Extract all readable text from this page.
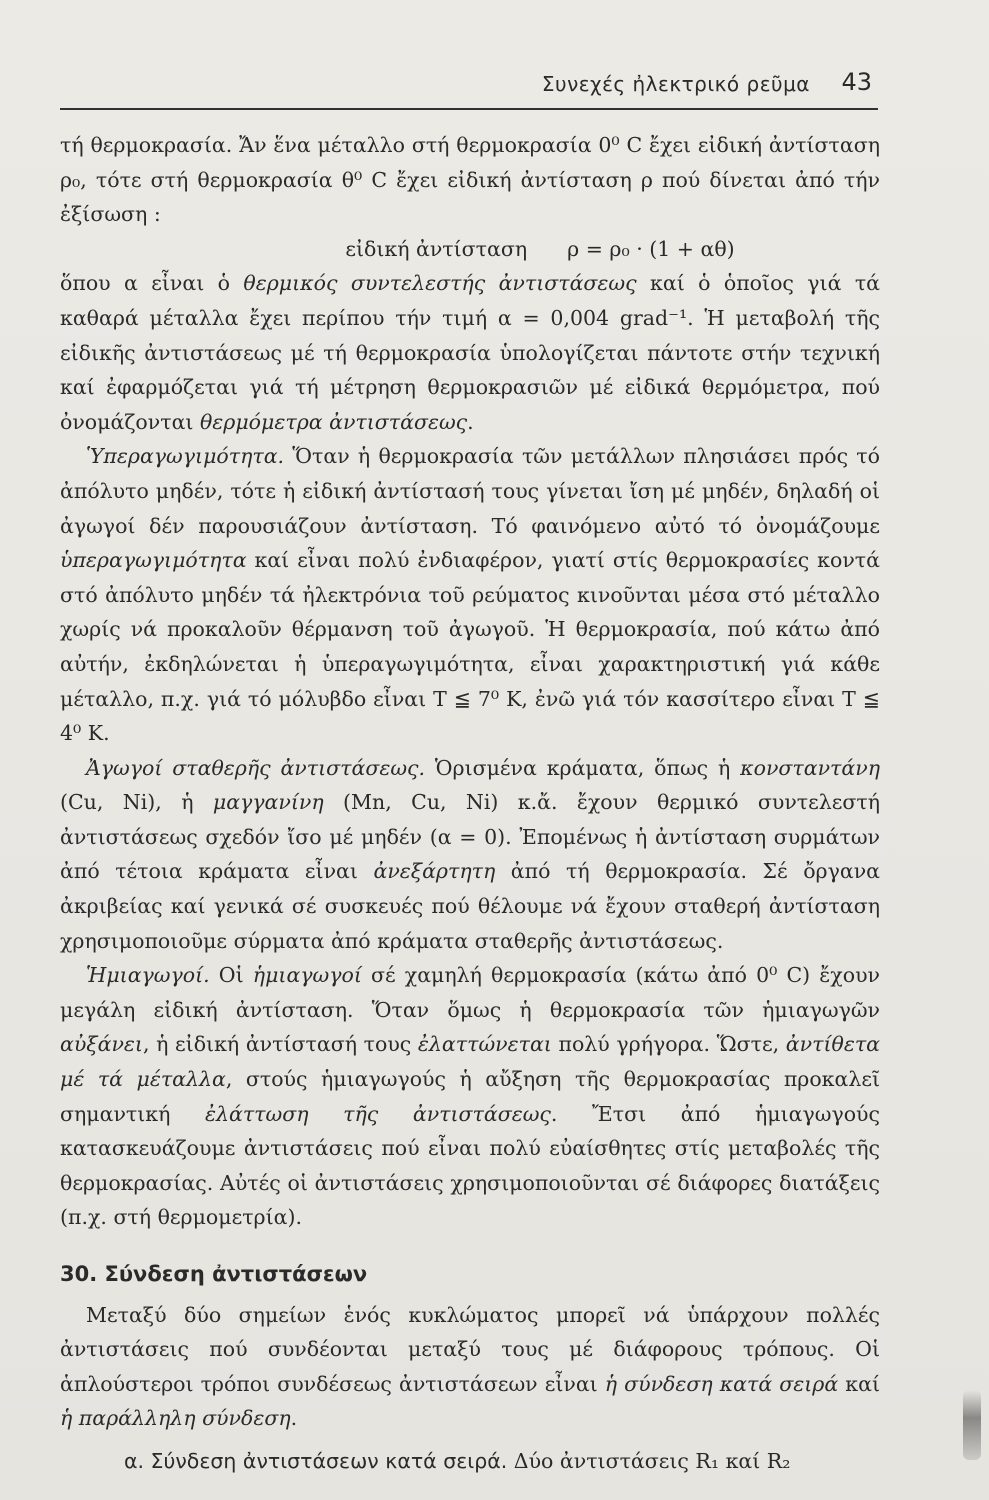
Συνεχές ἠλεκτρικό ρεῦμα 43

τή θερμοκρασία. Ἄν ἕνα μέταλλο στή θερμοκρασία 0⁰ C ἔχει εἰδική ἀντίσταση ρ₀, τότε στή θερμοκρασία θ⁰ C ἔχει εἰδική ἀντίσταση ρ πού δίνεται ἀπό τήν ἐξίσωση :

εἰδική ἀντίσταση ρ = ρ₀ · (1 + αθ)

ὅπου α εἶναι ὁ θερμικός συντελεστής ἀντιστάσεως καί ὁ ὁποῖος γιά τά καθαρά μέταλλα ἔχει περίπου τήν τιμή α = 0,004 grad⁻¹. Ἡ μεταβολή τῆς εἰδικῆς ἀντιστάσεως μέ τή θερμοκρασία ὑπολογίζεται πάντοτε στήν τεχνική καί ἐφαρμόζεται γιά τή μέτρηση θερμοκρασιῶν μέ εἰδικά θερμόμετρα, πού ὀνομάζονται θερμόμετρα ἀντιστάσεως.

Ὑπεραγωγιμότητα. Ὅταν ἡ θερμοκρασία τῶν μετάλλων πλησιάσει πρός τό ἀπόλυτο μηδέν, τότε ἡ εἰδική ἀντίστασή τους γίνεται ἴση μέ μηδέν, δηλαδή οἱ ἀγωγοί δέν παρουσιάζουν ἀντίσταση. Τό φαινόμενο αὐτό τό ὀνομάζουμε ὑπεραγωγιμότητα καί εἶναι πολύ ἐνδιαφέρον, γιατί στίς θερμοκρασίες κοντά στό ἀπόλυτο μηδέν τά ἠλεκτρόνια τοῦ ρεύματος κινοῦνται μέσα στό μέταλλο χωρίς νά προκαλοῦν θέρμανση τοῦ ἀγωγοῦ. Ἡ θερμοκρασία, πού κάτω ἀπό αὐτήν, ἐκδηλώνεται ἡ ὑπεραγωγιμότητα, εἶναι χαρακτηριστική γιά κάθε μέταλλο, π.χ. γιά τό μόλυβδο εἶναι T ≦ 7⁰ K, ἐνῶ γιά τόν κασσίτερο εἶναι T ≦ 4⁰ K.

Ἀγωγοί σταθερῆς ἀντιστάσεως. Ὁρισμένα κράματα, ὅπως ἡ κονσταντάνη (Cu, Ni), ἡ μαγγανίνη (Mn, Cu, Ni) κ.ἄ. ἔχουν θερμικό συντελεστή ἀντιστάσεως σχεδόν ἴσο μέ μηδέν (α = 0). Ἐπομένως ἡ ἀντίσταση συρμάτων ἀπό τέτοια κράματα εἶναι ἀνεξάρτητη ἀπό τή θερμοκρασία. Σέ ὄργανα ἀκριβείας καί γενικά σέ συσκευές πού θέλουμε νά ἔχουν σταθερή ἀντίσταση χρησιμοποιοῦμε σύρματα ἀπό κράματα σταθερῆς ἀντιστάσεως.

Ἡμιαγωγοί. Οἱ ἡμιαγωγοί σέ χαμηλή θερμοκρασία (κάτω ἀπό 0⁰ C) ἔχουν μεγάλη εἰδική ἀντίσταση. Ὅταν ὅμως ἡ θερμοκρασία τῶν ἡμιαγωγῶν αὐξάνει, ἡ εἰδική ἀντίστασή τους ἐλαττώνεται πολύ γρήγορα. Ὥστε, ἀντίθετα μέ τά μέταλλα, στούς ἡμιαγωγούς ἡ αὔξηση τῆς θερμοκρασίας προκαλεῖ σημαντική ἐλάττωση τῆς ἀντιστάσεως. Ἔτσι ἀπό ἡμιαγωγούς κατασκευάζουμε ἀντιστάσεις πού εἶναι πολύ εὐαίσθητες στίς μεταβολές τῆς θερμοκρασίας. Αὐτές οἱ ἀντιστάσεις χρησιμοποιοῦνται σέ διάφορες διατάξεις (π.χ. στή θερμομετρία).

30. Σύνδεση ἀντιστάσεων

Μεταξύ δύο σημείων ἑνός κυκλώματος μπορεῖ νά ὑπάρχουν πολλές ἀντιστάσεις πού συνδέονται μεταξύ τους μέ διάφορους τρόπους. Οἱ ἁπλούστεροι τρόποι συνδέσεως ἀντιστάσεων εἶναι ἡ σύνδεση κατά σειρά καί ἡ παράλληλη σύνδεση.

α. Σύνδεση ἀντιστάσεων κατά σειρά. Δύο ἀντιστάσεις R₁ καί R₂
